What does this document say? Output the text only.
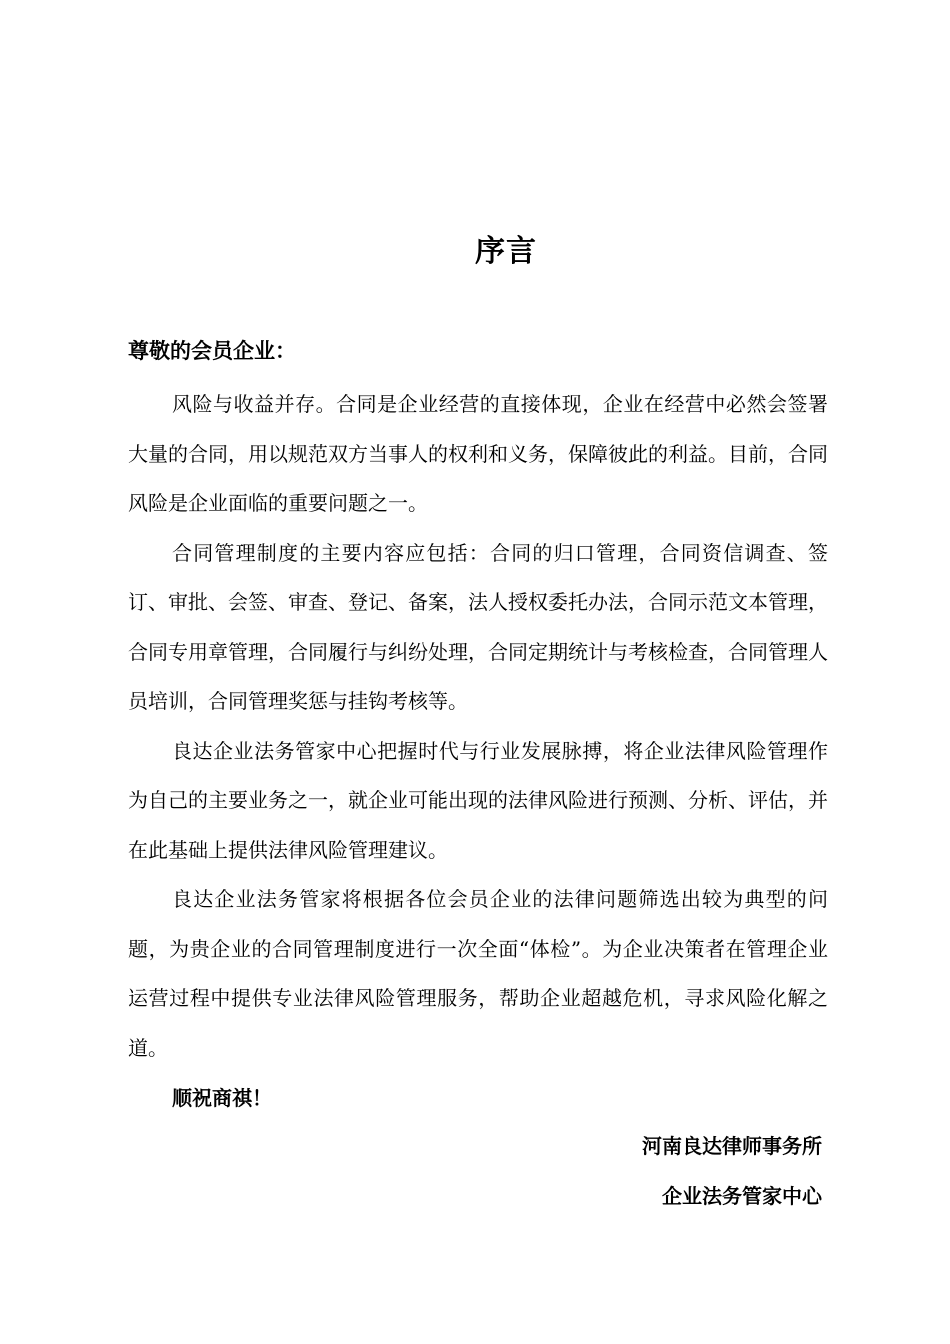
序言
尊敬的会员企业：

风险与收益并存。合同是企业经营的直接体现，企业在经营中必然会签署大量的合同，用以规范双方当事人的权利和义务，保障彼此的利益。目前，合同风险是企业面临的重要问题之一。

合同管理制度的主要内容应包括：合同的归口管理，合同资信调查、签订、审批、会签、审查、登记、备案，法人授权委托办法，合同示范文本管理，合同专用章管理，合同履行与纠纷处理，合同定期统计与考核检查，合同管理人员培训，合同管理奖惩与挂钩考核等。

良达企业法务管家中心把握时代与行业发展脉搏，将企业法律风险管理作为自己的主要业务之一，就企业可能出现的法律风险进行预测、分析、评估，并在此基础上提供法律风险管理建议。

良达企业法务管家将根据各位会员企业的法律问题筛选出较为典型的问题，为贵企业的合同管理制度进行一次全面“体检”。为企业决策者在管理企业运营过程中提供专业法律风险管理服务，帮助企业超越危机，寻求风险化解之道。

顺祝商祺！
河南良达律师事务所
企业法务管家中心
